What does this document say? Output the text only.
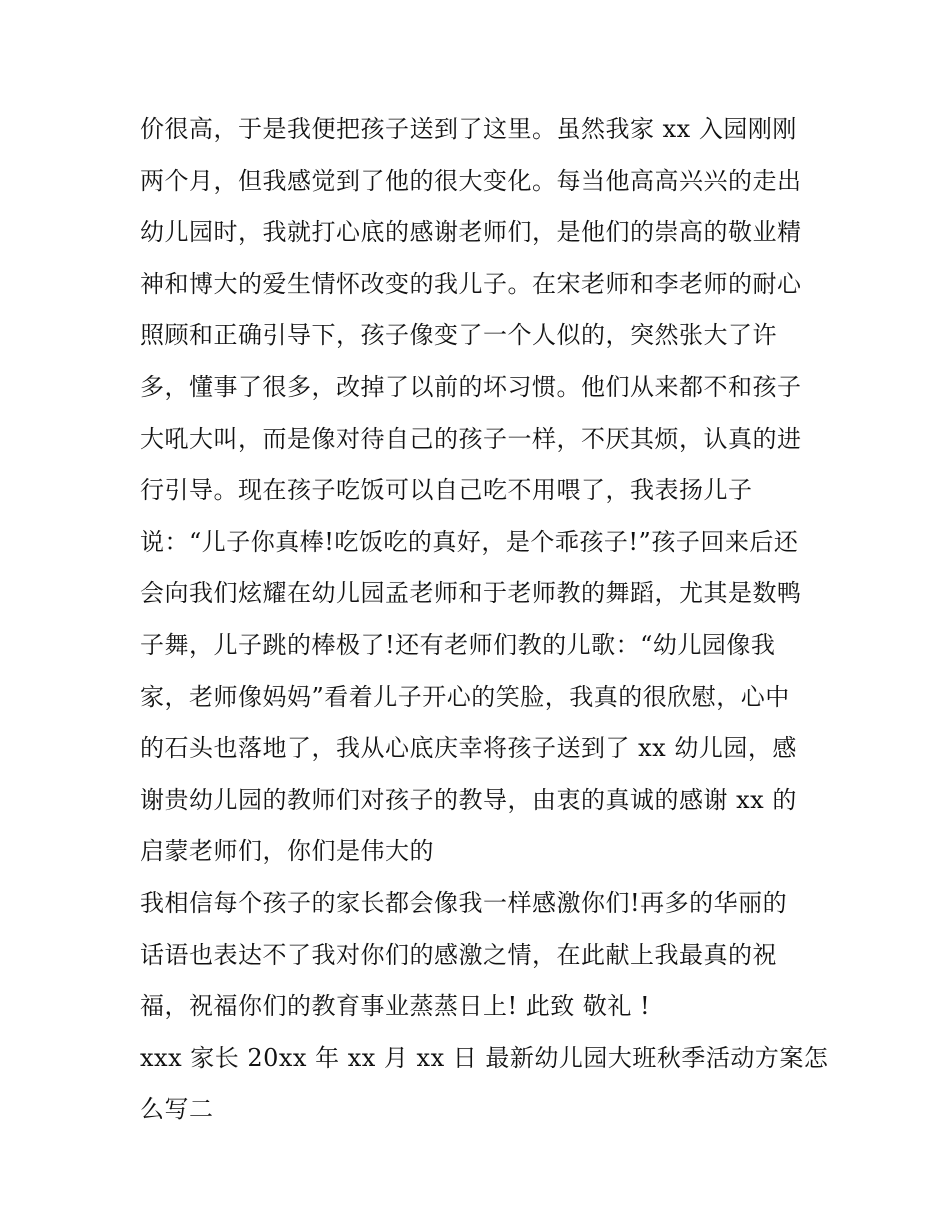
价很高，于是我便把孩子送到了这里。虽然我家 xx 入园刚刚
两个月，但我感觉到了他的很大变化。每当他高高兴兴的走出
幼儿园时，我就打心底的感谢老师们，是他们的崇高的敬业精
神和博大的爱生情怀改变的我儿子。在宋老师和李老师的耐心
照顾和正确引导下，孩子像变了一个人似的，突然张大了许
多，懂事了很多，改掉了以前的坏习惯。他们从来都不和孩子
大吼大叫，而是像对待自己的孩子一样，不厌其烦，认真的进
行引导。现在孩子吃饭可以自己吃不用喂了，我表扬儿子
说：“儿子你真棒!吃饭吃的真好，是个乖孩子!”孩子回来后还
会向我们炫耀在幼儿园孟老师和于老师教的舞蹈，尤其是数鸭
子舞，儿子跳的棒极了!还有老师们教的儿歌：“幼儿园像我
家，老师像妈妈”看着儿子开心的笑脸，我真的很欣慰，心中
的石头也落地了，我从心底庆幸将孩子送到了 xx 幼儿园，感
谢贵幼儿园的教师们对孩子的教导，由衷的真诚的感谢 xx 的
启蒙老师们，你们是伟大的
我相信每个孩子的家长都会像我一样感激你们!再多的华丽的
话语也表达不了我对你们的感激之情，在此献上我最真的祝
福，祝福你们的教育事业蒸蒸日上! 此致 敬礼 !
xxx 家长 20xx 年 xx 月 xx 日 最新幼儿园大班秋季活动方案怎
么写二
